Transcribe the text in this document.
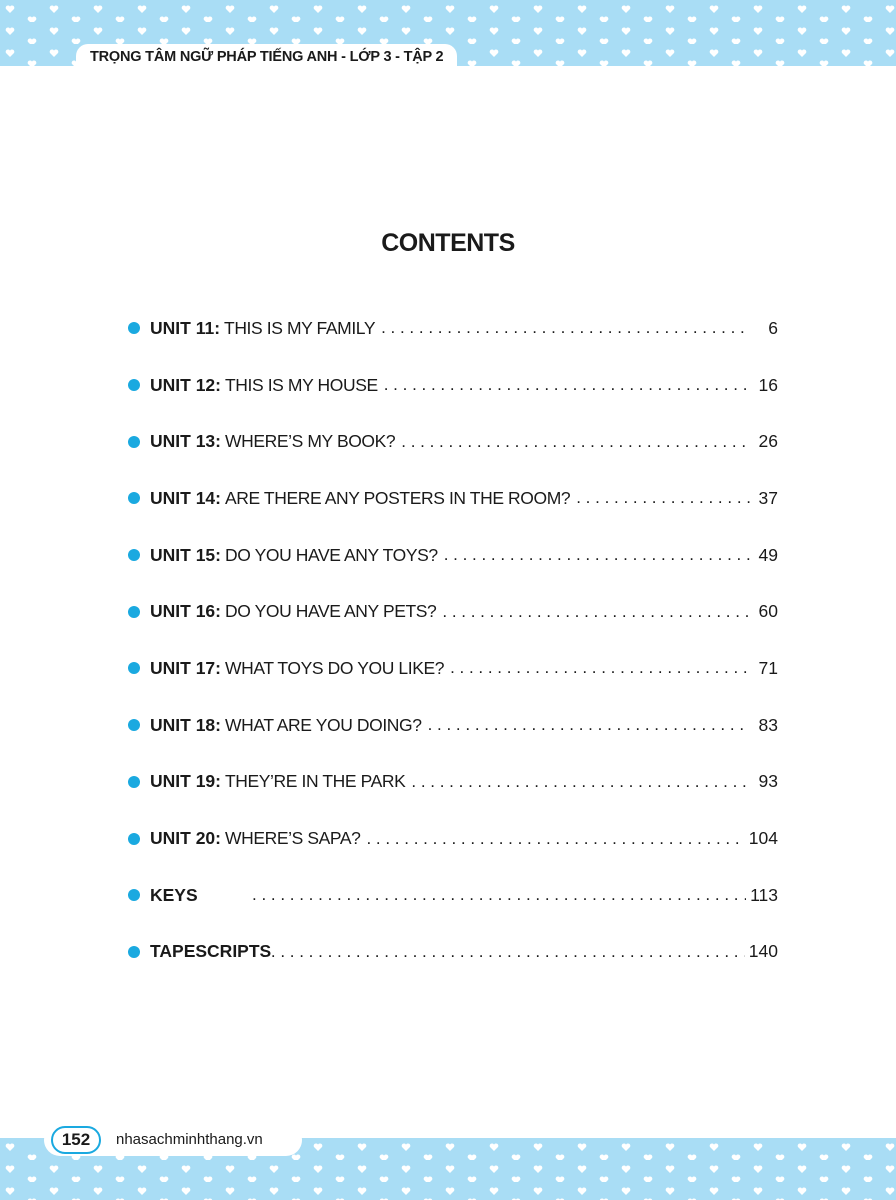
TRỌNG TÂM NGỮ PHÁP TIẾNG ANH - LỚP 3 - TẬP 2
CONTENTS
UNIT 11: THIS IS MY FAMILY . . .	6
UNIT 12: THIS IS MY HOUSE . . .	16
UNIT 13: WHERE’S MY BOOK? . . .	26
UNIT 14: ARE THERE ANY POSTERS IN THE ROOM? . . .	37
UNIT 15: DO YOU HAVE ANY TOYS? . . .	49
UNIT 16: DO YOU HAVE ANY PETS? . . .	60
UNIT 17: WHAT TOYS DO YOU LIKE? . . .	71
UNIT 18: WHAT ARE YOU DOING? . . .	83
UNIT 19: THEY’RE IN THE PARK . . .	93
UNIT 20: WHERE’S SAPA? . . .	104
KEYS . . .	113
TAPESCRIPTS . . .	140
152	nhasachminhthang.vn
